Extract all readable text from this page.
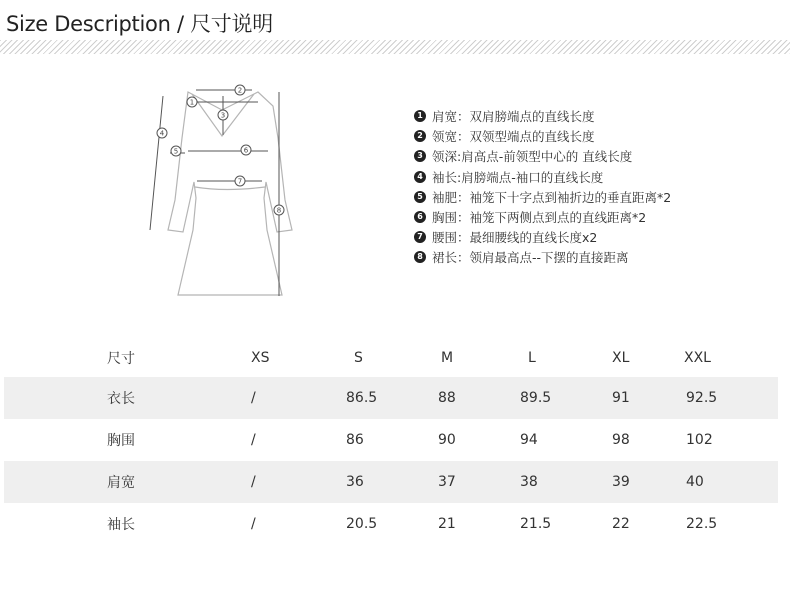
Size Description / 尺寸说明
1
2
3
4
5	6
7
8
1 肩宽：双肩膀端点的直线长度
2 领宽：双领型端点的直线长度
3 领深:肩高点-前领型中心的 直线长度
4 袖长:肩膀端点-袖口的直线长度
5 袖肥：袖笼下十字点到袖折边的垂直距离*2
6 胸围：袖笼下两侧点到点的直线距离*2
7 腰围：最细腰线的直线长度x2
8 裙长：领肩最高点--下摆的直接距离
尺寸	XS	S	M	L	XL	XXL
衣长	/	86.5	88	89.5	91	92.5
胸围	/	86	90	94	98	102
肩宽	/	36	37	38	39	40
袖长	/	20.5	21	21.5	22	22.5
